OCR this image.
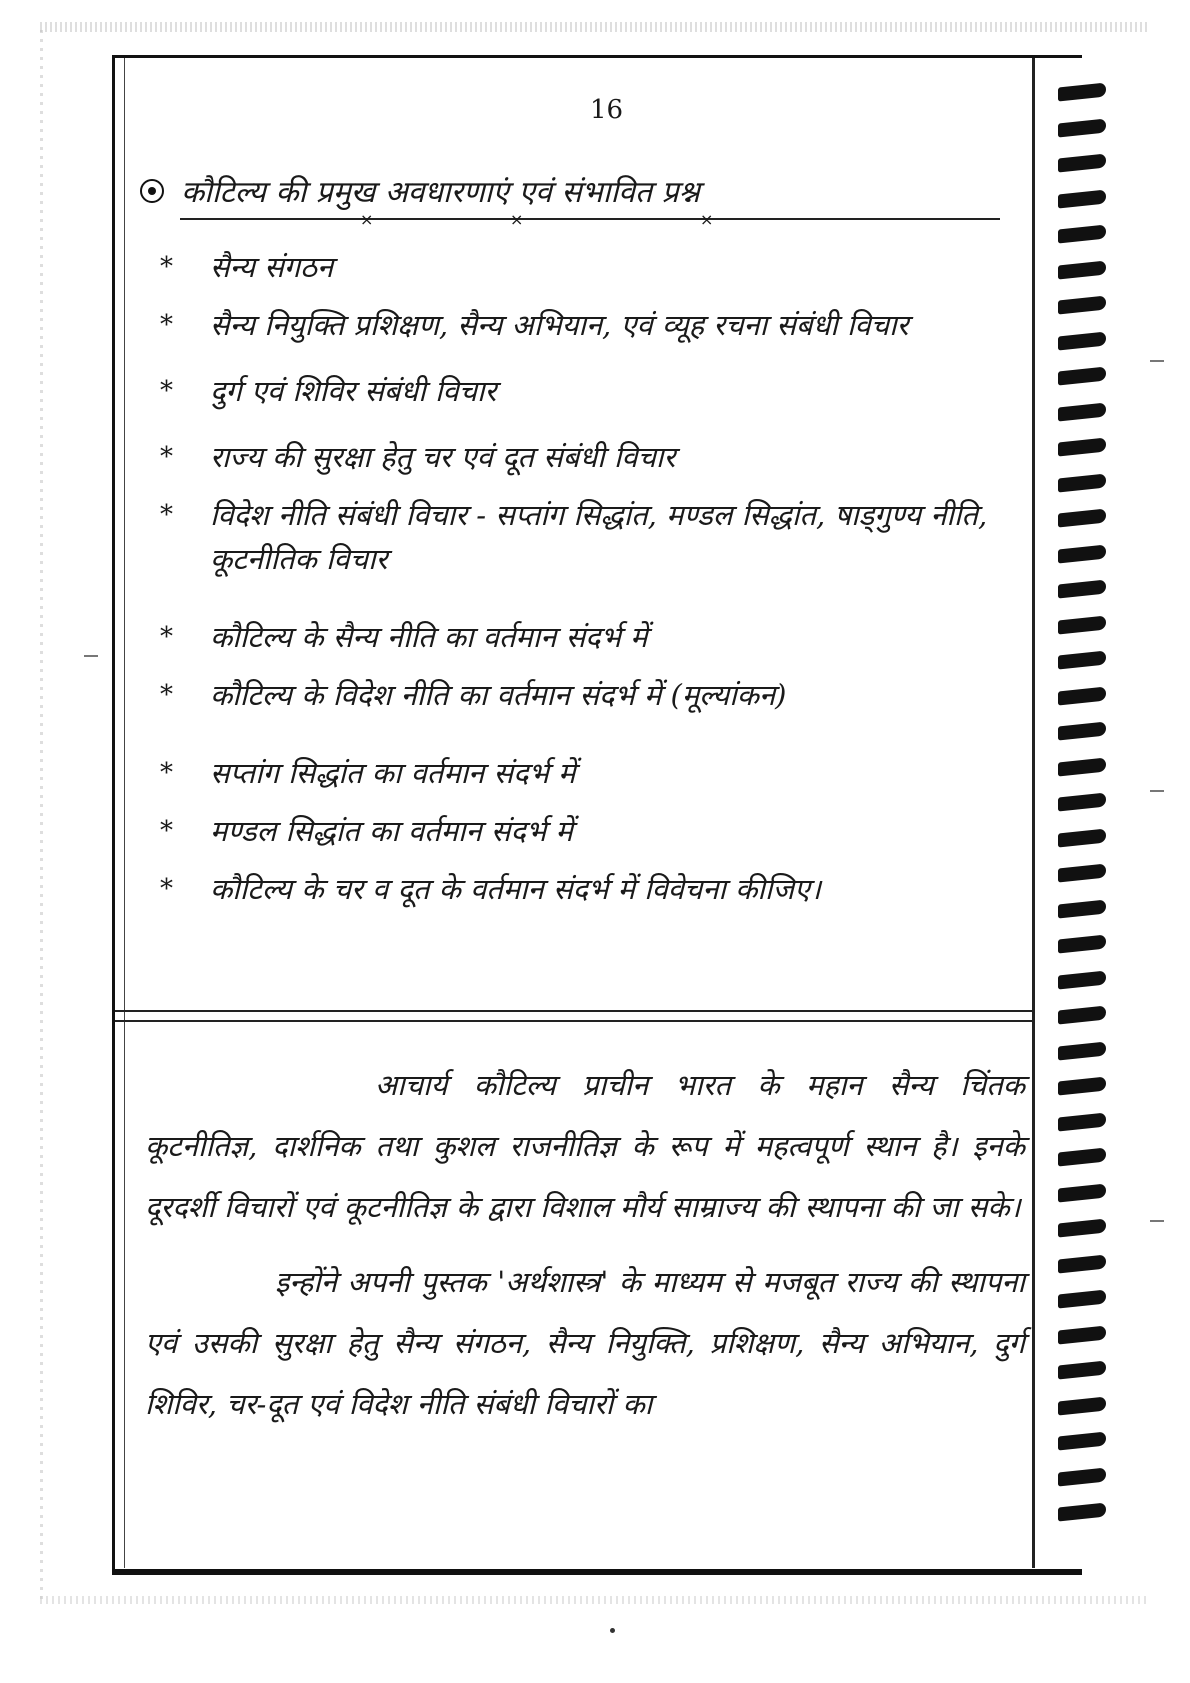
16
कौटिल्य की प्रमुख अवधारणाएं एवं संभावित प्रश्न
×	×	×
* सैन्य संगठन
* सैन्य नियुक्ति प्रशिक्षण, सैन्य अभियान, एवं व्यूह रचना संबंधी विचार
* दुर्ग एवं शिविर संबंधी विचार
* राज्य की सुरक्षा हेतु चर एवं दूत संबंधी विचार
* विदेश नीति संबंधी विचार - सप्तांग सिद्धांत, मण्डल सिद्धांत, षाड्गुण्य नीति, कूटनीतिक विचार
* कौटिल्य के सैन्य नीति का वर्तमान संदर्भ में
* कौटिल्य के विदेश नीति का वर्तमान संदर्भ में (मूल्यांकन)
* सप्तांग सिद्धांत का वर्तमान संदर्भ में
* मण्डल सिद्धांत का वर्तमान संदर्भ में
* कौटिल्य के चर व दूत के वर्तमान संदर्भ में विवेचना कीजिए।
आचार्य कौटिल्य प्राचीन भारत के महान सैन्य चिंतक कूटनीतिज्ञ, दार्शनिक तथा कुशल राजनीतिज्ञ के रूप में महत्वपूर्ण स्थान है। इनके दूरदर्शी विचारों एवं कूटनीतिज्ञ के द्वारा विशाल मौर्य साम्राज्य की स्थापना की जा सके।
इन्होंने अपनी पुस्तक 'अर्थशास्त्र' के माध्यम से मजबूत राज्य की स्थापना एवं उसकी सुरक्षा हेतु सैन्य संगठन, सैन्य नियुक्ति, प्रशिक्षण, सैन्य अभियान, दुर्ग शिविर, चर-दूत एवं विदेश नीति संबंधी विचारों का
